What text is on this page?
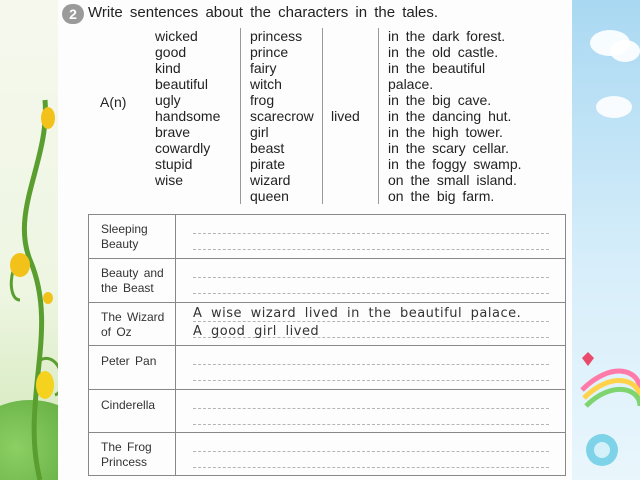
2 Write sentences about the characters in the tales.
A(n)
wicked
good
kind
beautiful
ugly
handsome
brave
cowardly
stupid
wise
princess
prince
fairy
witch
frog
scarecrow
girl
beast
pirate
wizard
queen
lived
in the dark forest.
in the old castle.
in the beautiful
palace.
in the big cave.
in the dancing hut.
in the high tower.
in the scary cellar.
in the foggy swamp.
on the small island.
on the big farm.
Sleeping
Beauty
Beauty and
the Beast
The Wizard
of Oz
A wise wizard lived in the beautiful palace.
A good girl lived
Peter Pan
Cinderella
The Frog
Princess
